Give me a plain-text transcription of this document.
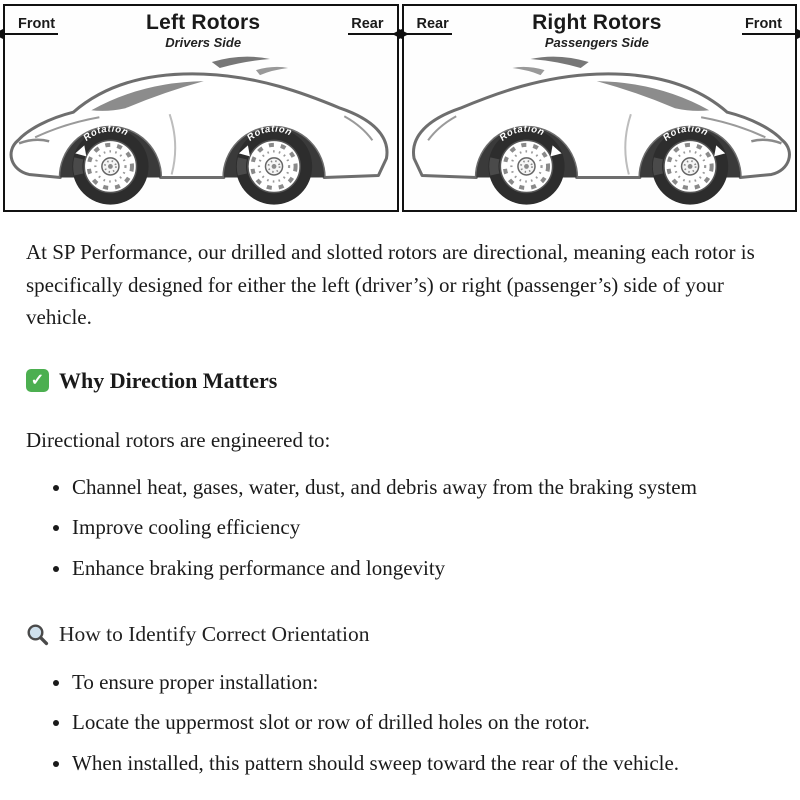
Front	Left Rotors
Drivers Side
Rear
Rotation	Rotation
Rear	Right Rotors
Passengers Side
Front
Rotation	Rotation

At SP Performance, our drilled and slotted rotors are directional, meaning each rotor is specifically designed for either the left (driver’s) or right (passenger’s) side of your vehicle.

✓
Why Direction Matters

Directional rotors are engineered to:

• Channel heat, gases, water, dust, and debris away from the braking system
• Improve cooling efficiency
• Enhance braking performance and longevity
How to Identify Correct Orientation
• To ensure proper installation:
• Locate the uppermost slot or row of drilled holes on the rotor.
• When installed, this pattern should sweep toward the rear of the vehicle.
